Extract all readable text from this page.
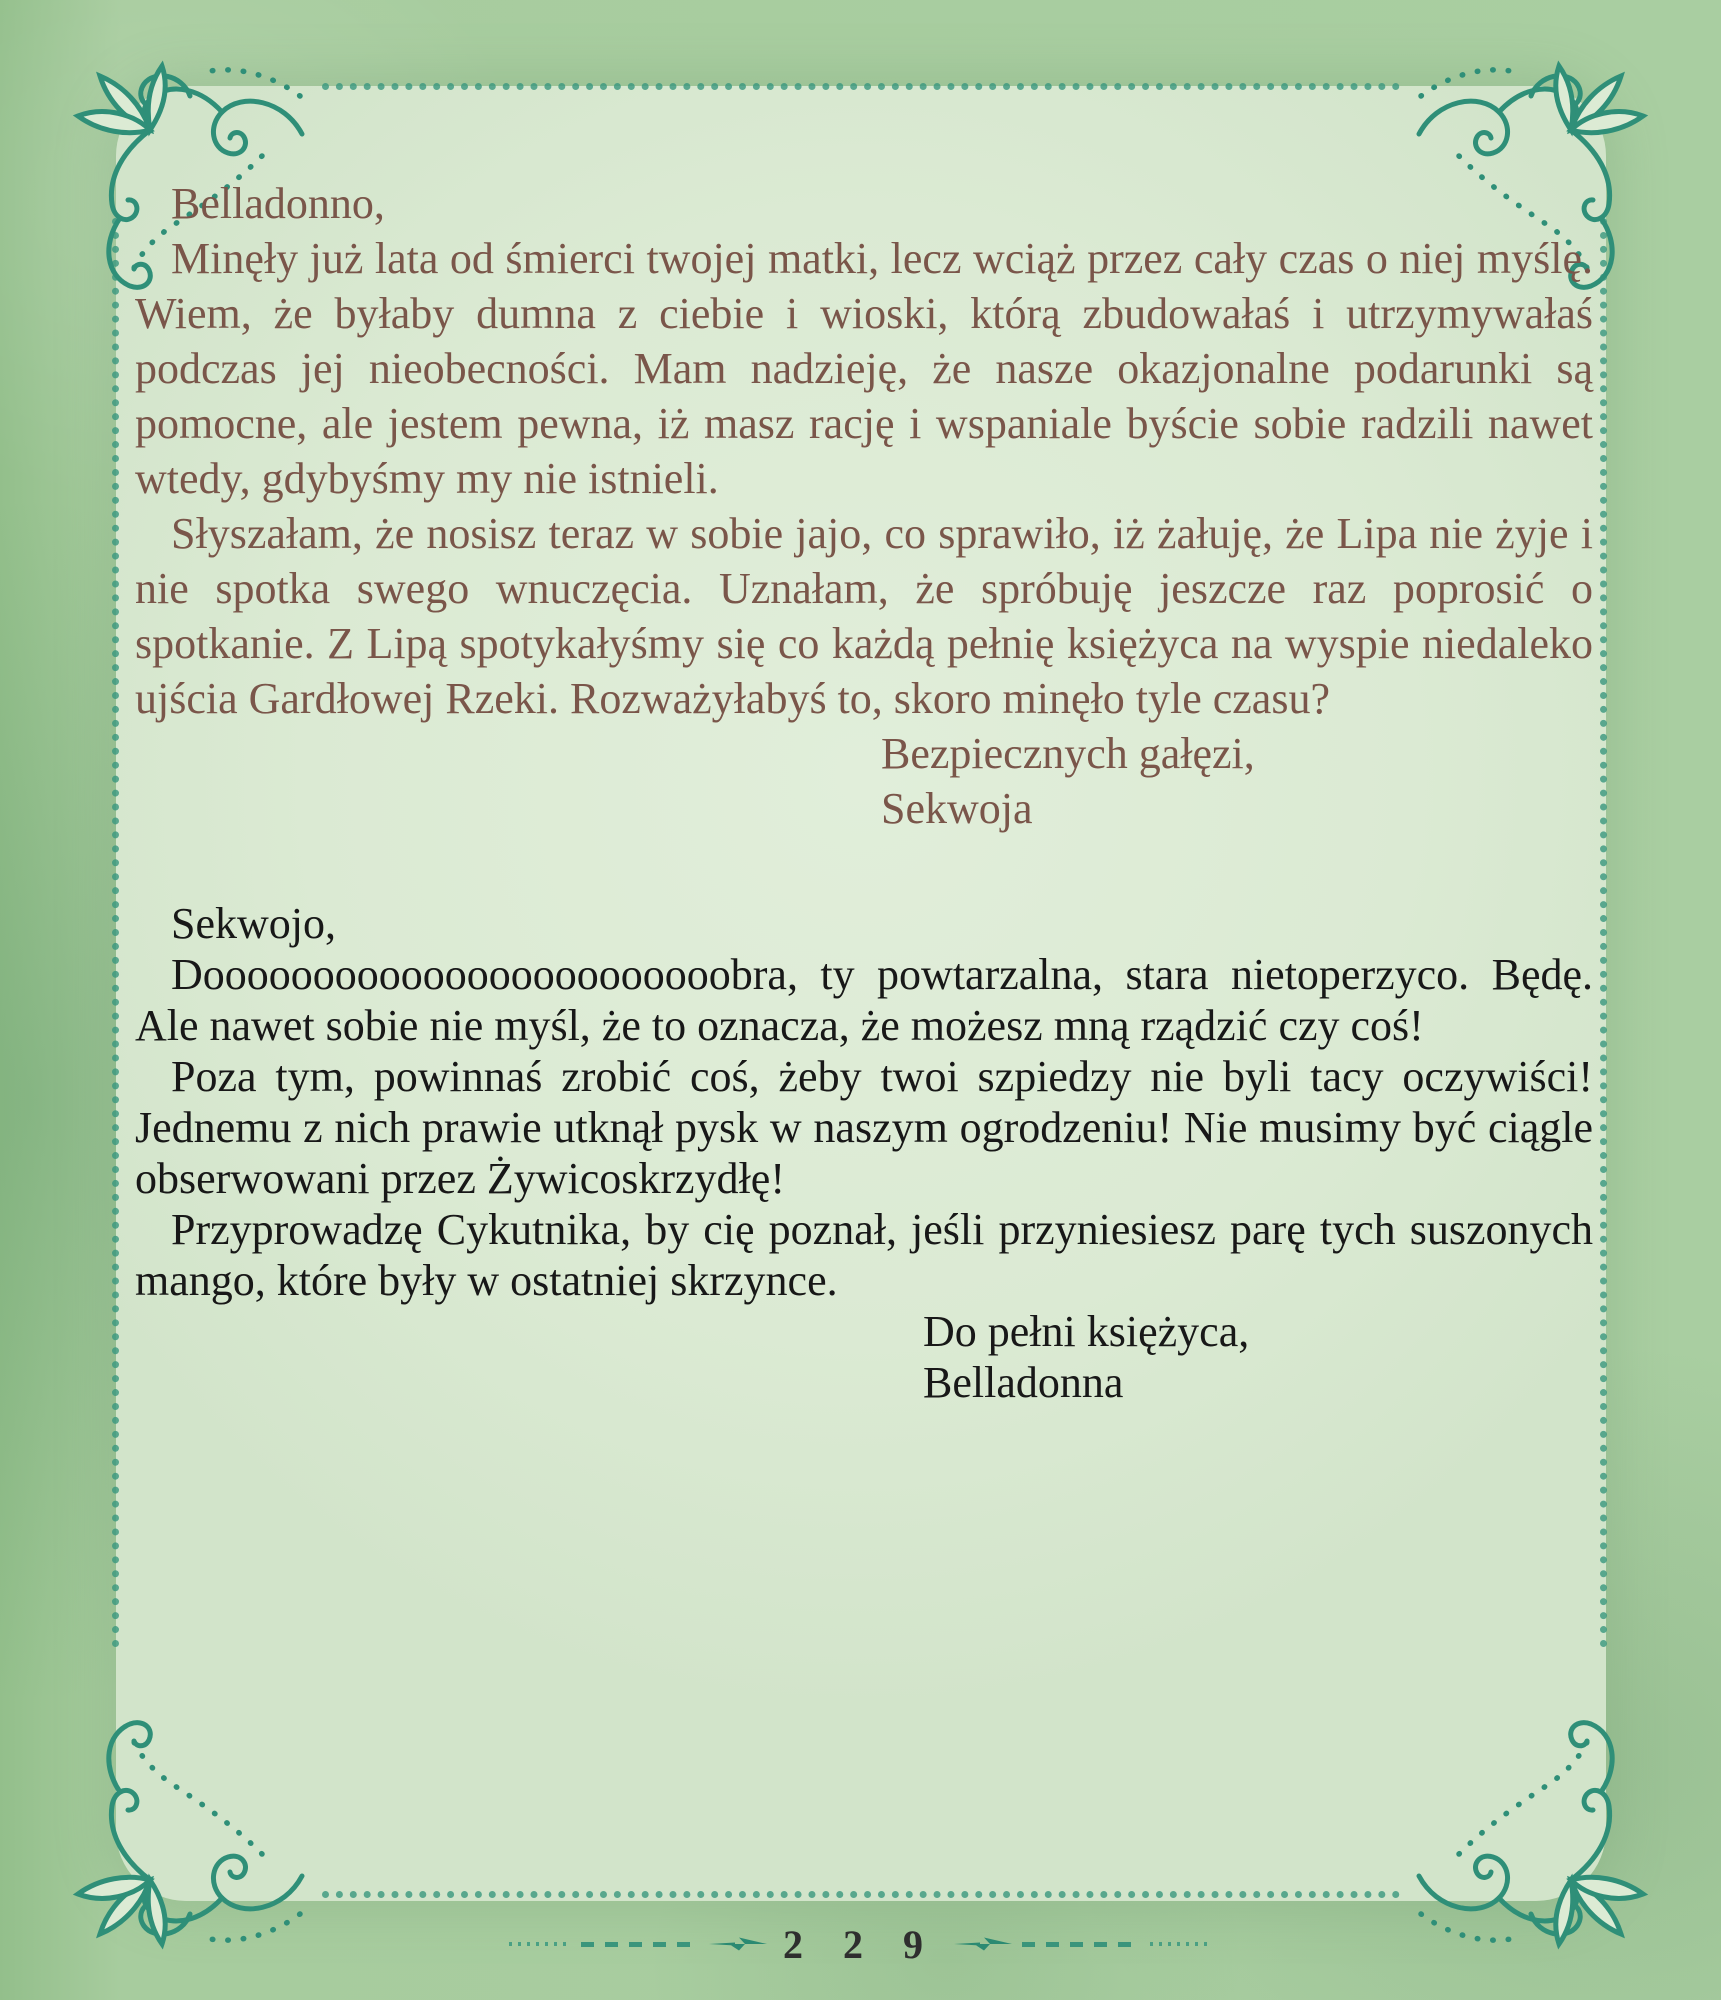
Belladonno,

Minęły już lata od śmierci twojej matki, lecz wciąż przez cały czas o niej myślę. Wiem, że byłaby dumna z ciebie i wioski, którą zbudowałaś i utrzymywałaś podczas jej nieobecności. Mam nadzieję, że nasze okazjonalne podarunki są pomocne, ale jestem pewna, iż masz rację i wspaniale byście sobie radzili nawet wtedy, gdybyśmy my nie istnieli.

Słyszałam, że nosisz teraz w sobie jajo, co sprawiło, iż żałuję, że Lipa nie żyje i nie spotka swego wnuczęcia. Uznałam, że spróbuję jeszcze raz poprosić o spotkanie. Z Lipą spotykałyśmy się co każdą pełnię księżyca na wyspie niedaleko ujścia Gardłowej Rzeki. Rozważyłabyś to, skoro minęło tyle czasu?

Bezpiecznych gałęzi,

Sekwoja

Sekwojo,

Doooooooooooooooooooooooobra, ty powtarzalna, stara nietoperzyco. Będę. Ale nawet sobie nie myśl, że to oznacza, że możesz mną rządzić czy coś!

Poza tym, powinnaś zrobić coś, żeby twoi szpiedzy nie byli tacy oczywiści! Jednemu z nich prawie utknął pysk w naszym ogrodzeniu! Nie musimy być ciągle obserwowani przez Żywicoskrzydłę!

Przyprowadzę Cykutnika, by cię poznał, jeśli przyniesiesz parę tych suszonych mango, które były w ostatniej skrzynce.

Do pełni księżyca,

Belladonna

2 2 9
